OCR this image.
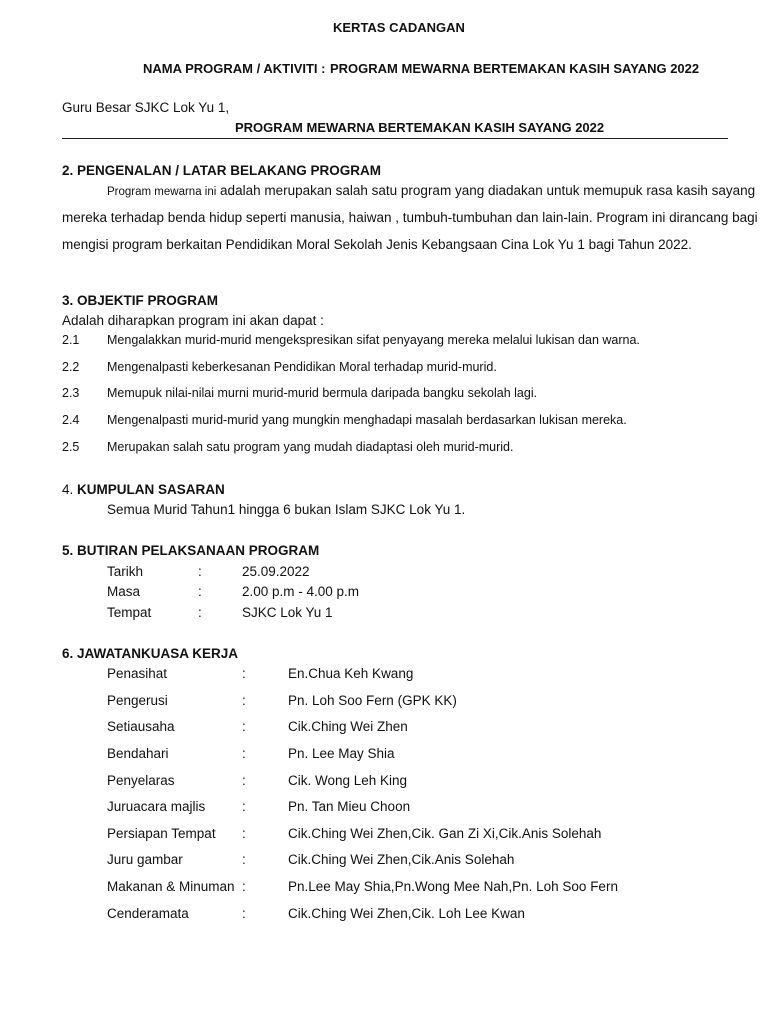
KERTAS CADANGAN
NAMA PROGRAM / AKTIVITI : PROGRAM MEWARNA BERTEMAKAN KASIH SAYANG 2022
Guru Besar SJKC Lok Yu 1,
PROGRAM MEWARNA BERTEMAKAN KASIH SAYANG 2022
2. PENGENALAN / LATAR BELAKANG PROGRAM
Program mewarna ini adalah merupakan salah satu program yang diadakan untuk memupuk rasa kasih sayang
mereka terhadap benda hidup seperti manusia, haiwan , tumbuh-tumbuhan dan lain-lain. Program ini dirancang bagi
mengisi program berkaitan Pendidikan Moral Sekolah Jenis Kebangsaan Cina Lok Yu 1 bagi Tahun 2022.
3. OBJEKTIF PROGRAM
Adalah diharapkan program ini akan dapat :
2.1 Mengalakkan murid-murid mengekspresikan sifat penyayang mereka melalui lukisan dan warna.
2.2 Mengenalpasti keberkesanan Pendidikan Moral terhadap murid-murid.
2.3 Memupuk nilai-nilai murni murid-murid bermula daripada bangku sekolah lagi.
2.4 Mengenalpasti murid-murid yang mungkin menghadapi masalah berdasarkan lukisan mereka.
2.5 Merupakan salah satu program yang mudah diadaptasi oleh murid-murid.
4. KUMPULAN SASARAN
Semua Murid Tahun1 hingga 6 bukan Islam SJKC Lok Yu 1.
5. BUTIRAN PELAKSANAAN PROGRAM
Tarikh	:	25.09.2022
Masa	:	2.00 p.m - 4.00 p.m
Tempat	:	SJKC Lok Yu 1
6. JAWATANKUASA KERJA
Penasihat	:	En.Chua Keh Kwang
Pengerusi	:	Pn. Loh Soo Fern (GPK KK)
Setiausaha	:	Cik.Ching Wei Zhen
Bendahari	:	Pn. Lee May Shia
Penyelaras	:	Cik. Wong Leh King
Juruacara majlis	:	Pn. Tan Mieu Choon
Persiapan Tempat :	Cik.Ching Wei Zhen,Cik. Gan Zi Xi,Cik.Anis Solehah
Juru gambar	:	Cik.Ching Wei Zhen,Cik.Anis Solehah
Makanan & Minuman :	Pn.Lee May Shia,Pn.Wong Mee Nah,Pn. Loh Soo Fern
Cenderamata	:	Cik.Ching Wei Zhen,Cik. Loh Lee Kwan
